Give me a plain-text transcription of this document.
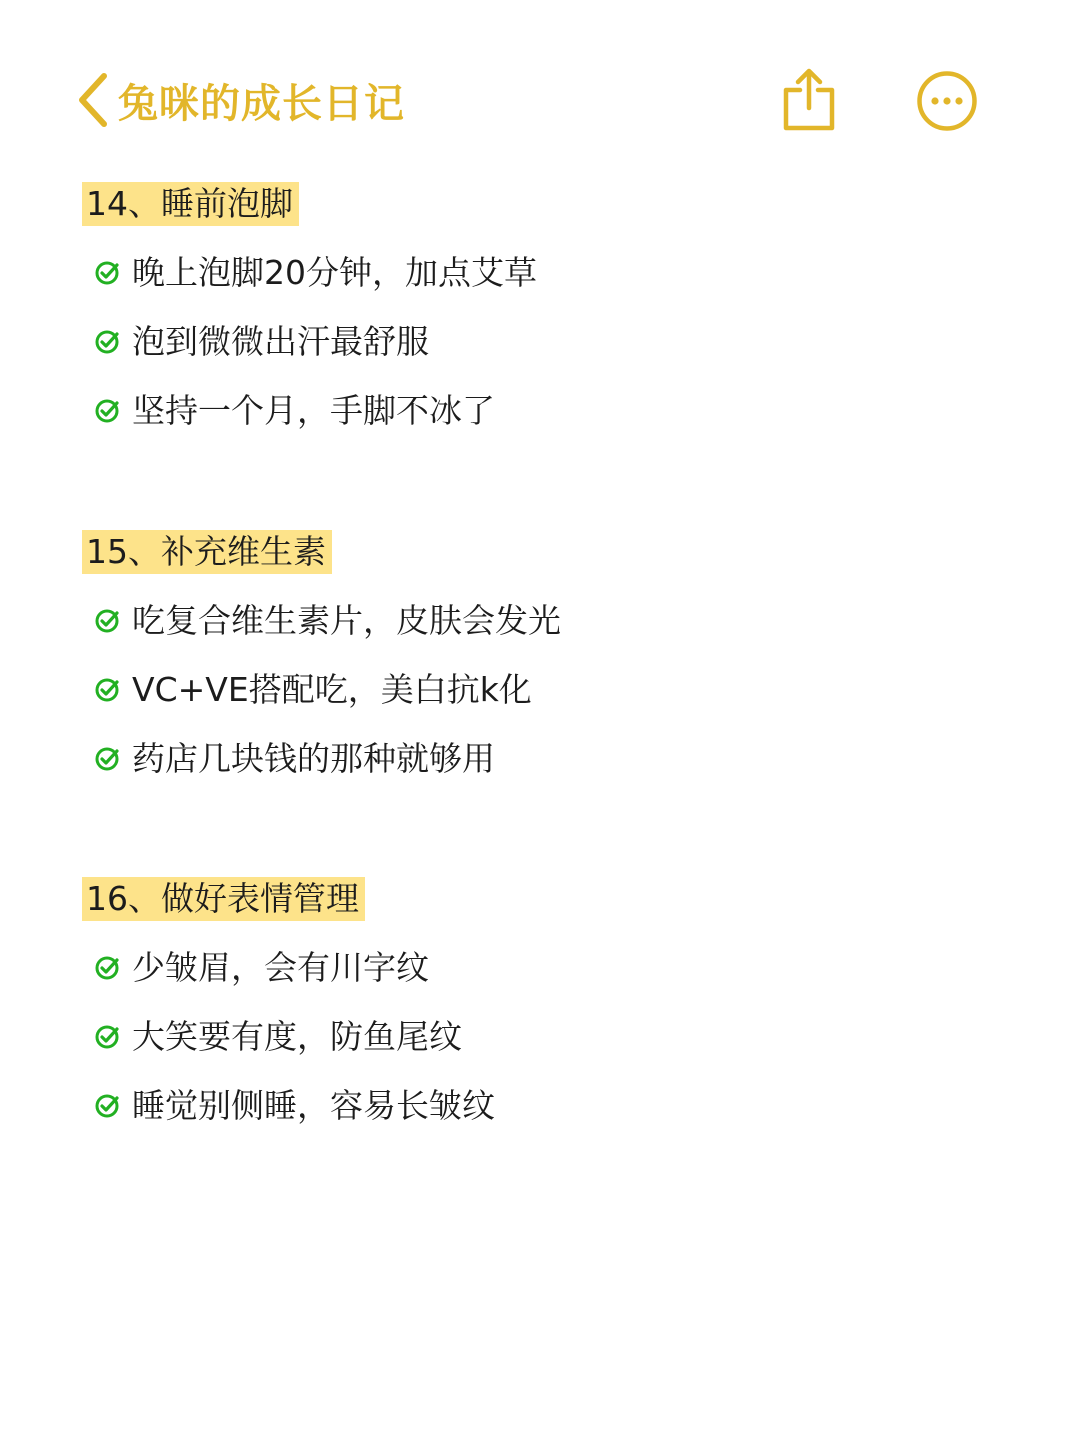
兔咪的成长日记
14、睡前泡脚
晚上泡脚20分钟，加点艾草
泡到微微出汗最舒服
坚持一个月，手脚不冰了
15、补充维生素
吃复合维生素片，皮肤会发光
VC+VE搭配吃，美白抗k化
药店几块钱的那种就够用
16、做好表情管理
少皱眉，会有川字纹
大笑要有度，防鱼尾纹
睡觉别侧睡，容易长皱纹
